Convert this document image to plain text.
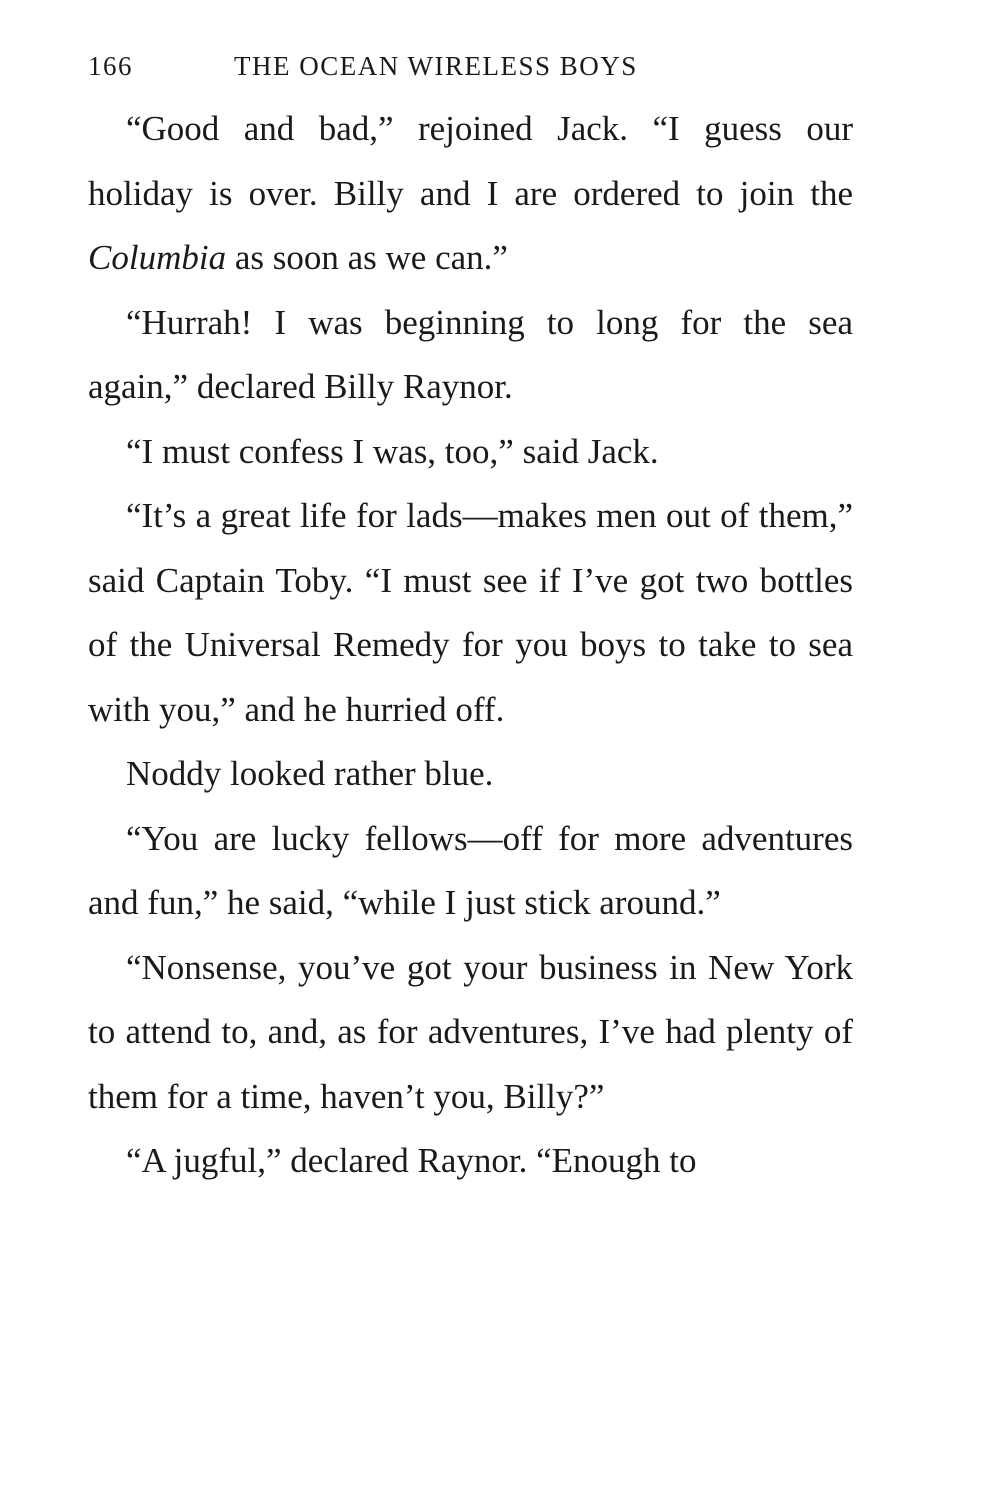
166	THE OCEAN WIRELESS BOYS

“Good and bad,” rejoined Jack. “I guess our holiday is over. Billy and I are ordered to join the Columbia as soon as we can.”

“Hurrah! I was beginning to long for the sea again,” declared Billy Raynor.

“I must confess I was, too,” said Jack.

“It’s a great life for lads—makes men out of them,” said Captain Toby. “I must see if I’ve got two bottles of the Universal Remedy for you boys to take to sea with you,” and he hurried off.

Noddy looked rather blue.

“You are lucky fellows—off for more adventures and fun,” he said, “while I just stick around.”

“Nonsense, you’ve got your business in New York to attend to, and, as for adventures, I’ve had plenty of them for a time, haven’t you, Billy?”

“A jugful,” declared Raynor. “Enough to
